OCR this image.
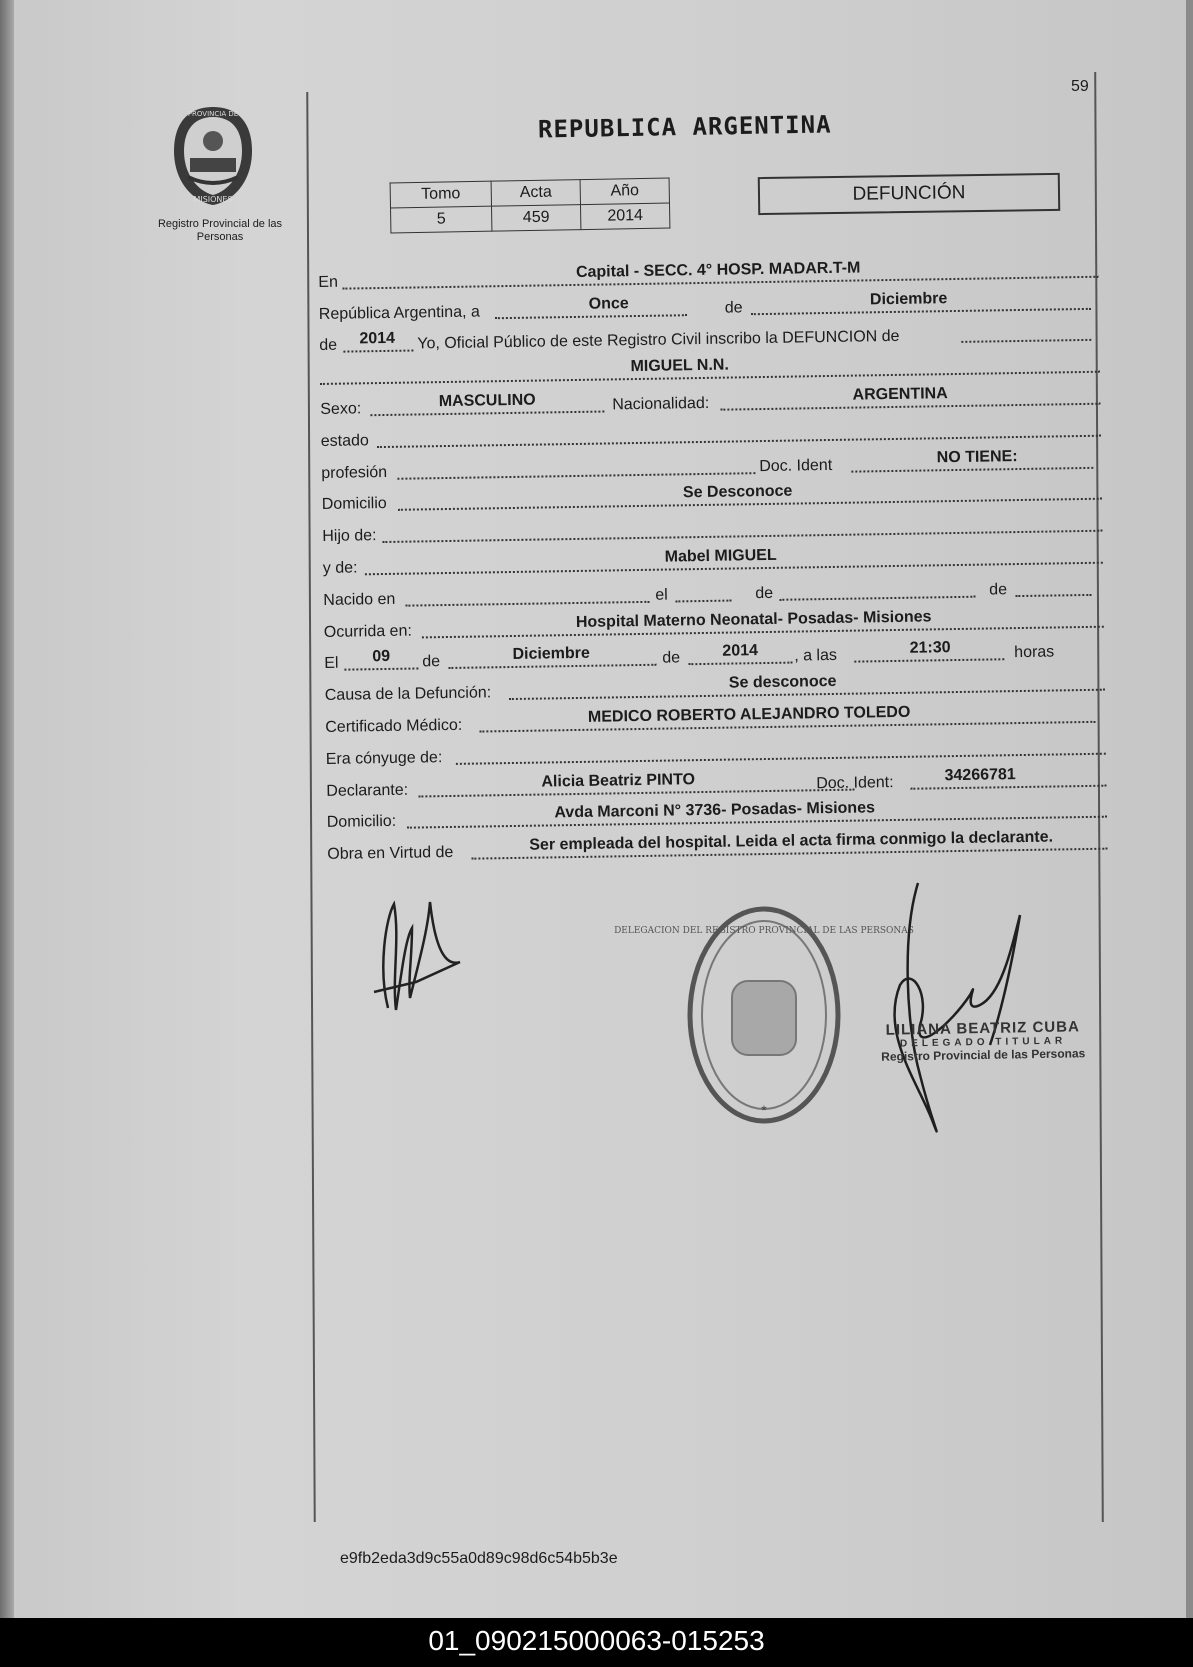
59
PROVINCIA DE
MISIONES
Registro Provincial de las Personas
REPUBLICA ARGENTINA
Tomo	Acta	Año
5	459	2014
DEFUNCIÓN
En
Capital - SECC. 4° HOSP. MADAR.T-M
República Argentina, a	Once	de	Diciembre
de 2014 Yo, Oficial Público de este Registro Civil inscribo la DEFUNCION de
MIGUEL N.N.
Sexo:	MASCULINO	Nacionalidad:
ARGENTINA
estado
profesión	Doc. Ident	NO TIENE:
Domicilio
Se Desconoce
Hijo de:
y de:
Mabel MIGUEL
Nacido en	el	de	de
Ocurrida en:
Hospital Materno Neonatal- Posadas- Misiones
El 09 de	Diciembre	de	2014 , a las	21:30	horas
Causa de la Defunción:
Se desconoce
Certificado Médico:
MEDICO ROBERTO ALEJANDRO TOLEDO
Era cónyuge de:
Declarante:
Alicia Beatriz PINTO	Doc. Ident:	34266781
Domicilio:
Avda Marconi N° 3736- Posadas- Misiones
Obra en Virtud de	Ser empleada del hospital. Leida el acta firma conmigo la declarante.
*
DELEGACION DEL REGISTRO PROVINCIAL DE LAS PERSONAS
LILIANA BEATRIZ CUBA
DELEGADO TITULAR
Registro Provincial de las Personas
e9fb2eda3d9c55a0d89c98d6c54b5b3e
01_090215000063-015253
